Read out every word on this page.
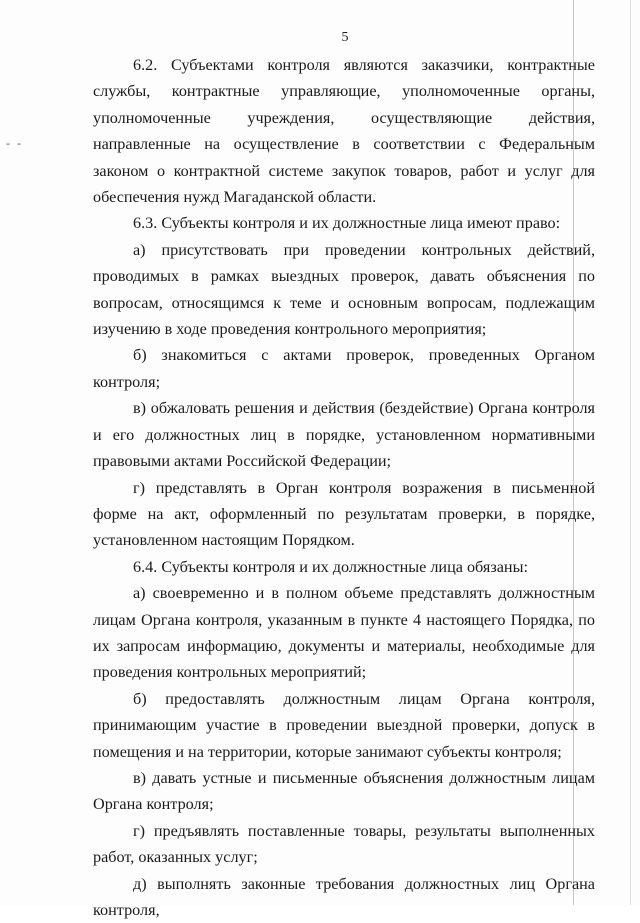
- -
5

6.2. Субъектами контроля являются заказчики, контрактные службы, контрактные управляющие, уполномоченные органы, уполномоченные учреждения, осуществляющие действия, направленные на осуществление в соответствии с Федеральным законом о контрактной системе закупок товаров, работ и услуг для обеспечения нужд Магаданской области.

6.3. Субъекты контроля и их должностные лица имеют право:

а) присутствовать при проведении контрольных действий, проводимых в рамках выездных проверок, давать объяснения по вопросам, относящимся к теме и основным вопросам, подлежащим изучению в ходе проведения контрольного мероприятия;

б) знакомиться с актами проверок, проведенных Органом контроля;

в) обжаловать решения и действия (бездействие) Органа контроля и его должностных лиц в порядке, установленном нормативными правовыми актами Российской Федерации;

г) представлять в Орган контроля возражения в письменной форме на акт, оформленный по результатам проверки, в порядке, установленном настоящим Порядком.

6.4. Субъекты контроля и их должностные лица обязаны:

а) своевременно и в полном объеме представлять должностным лицам Органа контроля, указанным в пункте 4 настоящего Порядка, по их запросам информацию, документы и материалы, необходимые для проведения контрольных мероприятий;

б) предоставлять должностным лицам Органа контроля, принимающим участие в проведении выездной проверки, допуск в помещения и на территории, которые занимают субъекты контроля;

в) давать устные и письменные объяснения должностным лицам Органа контроля;

г) предъявлять поставленные товары, результаты выполненных работ, оказанных услуг;

д) выполнять законные требования должностных лиц Органа контроля,
